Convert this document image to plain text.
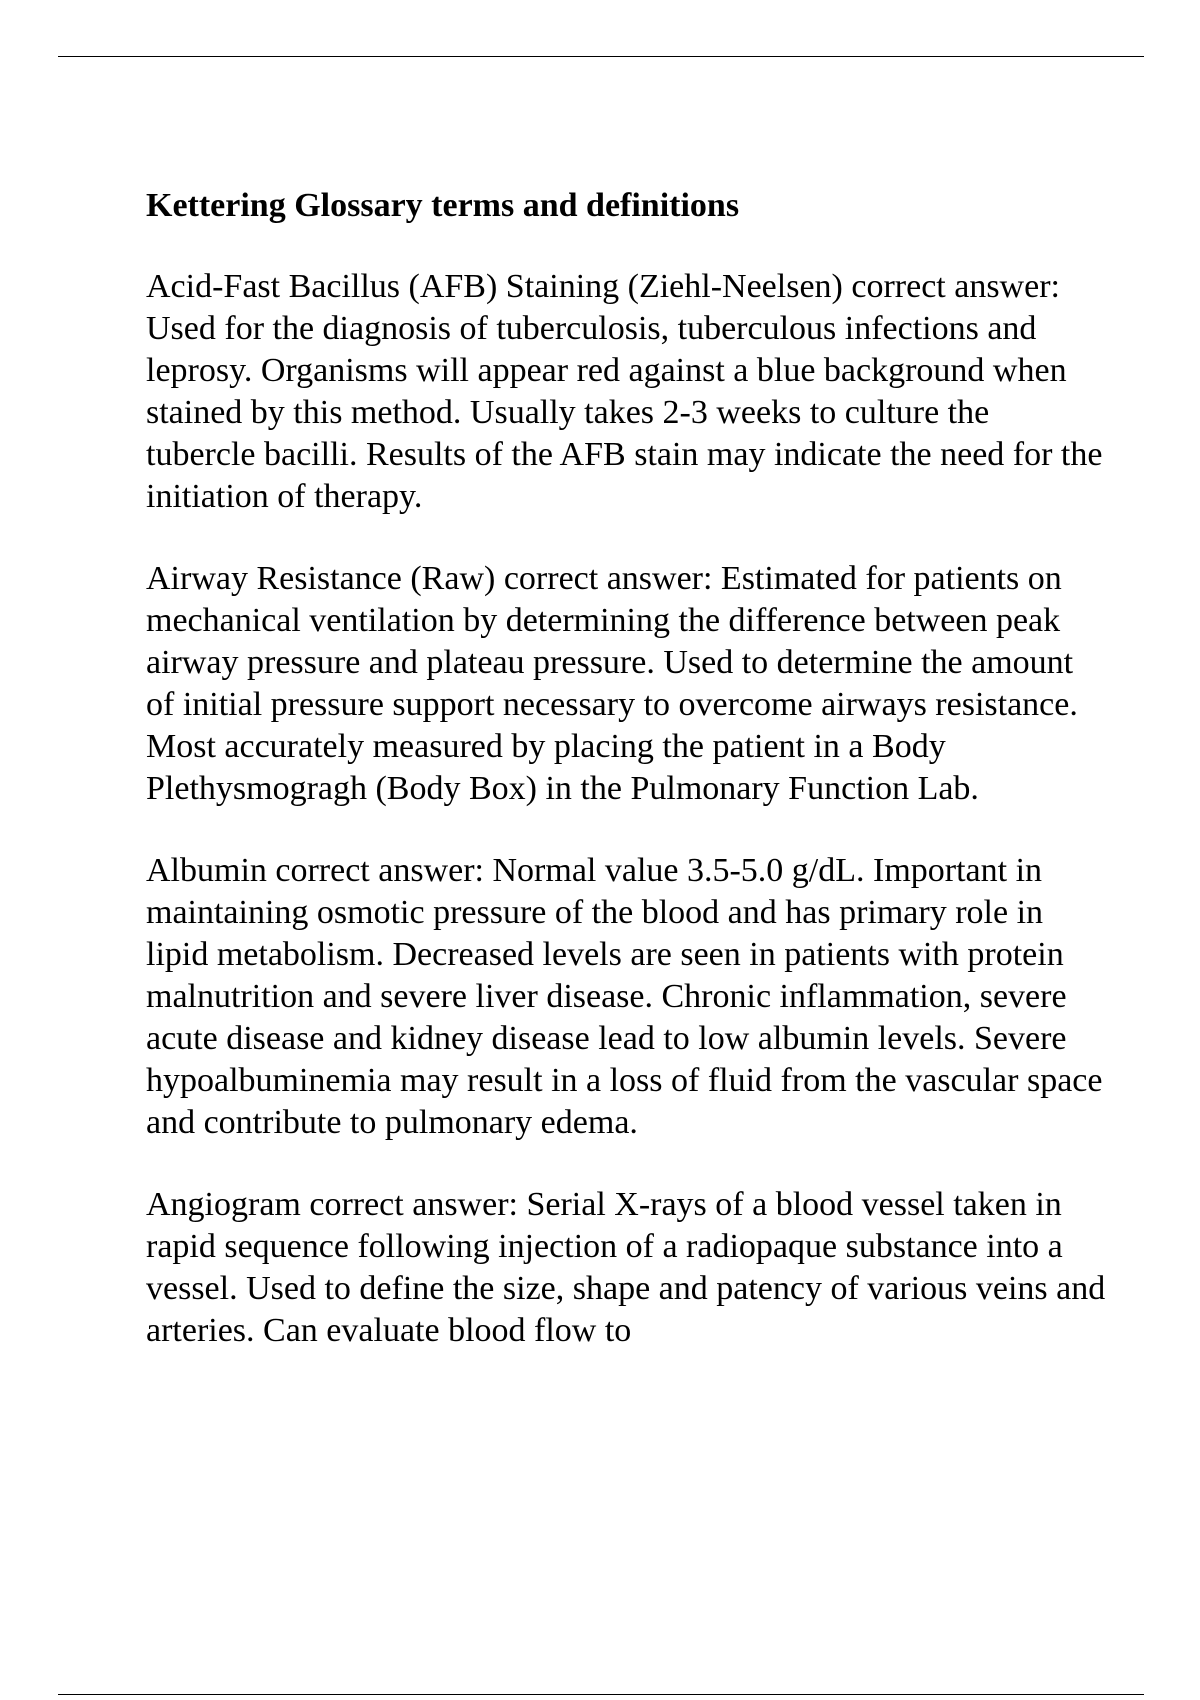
Kettering Glossary terms and definitions
Acid-Fast Bacillus (AFB) Staining (Ziehl-Neelsen) correct answer: Used for the diagnosis of tuberculosis, tuberculous infections and leprosy. Organisms will appear red against a blue background when stained by this method. Usually takes 2-3 weeks to culture the tubercle bacilli. Results of the AFB stain may indicate the need for the initiation of therapy.
Airway Resistance (Raw) correct answer: Estimated for patients on mechanical ventilation by determining the difference between peak airway pressure and plateau pressure. Used to determine the amount of initial pressure support necessary to overcome airways resistance. Most accurately measured by placing the patient in a Body Plethysmogragh (Body Box) in the Pulmonary Function Lab.
Albumin correct answer: Normal value 3.5-5.0 g/dL. Important in maintaining osmotic pressure of the blood and has primary role in lipid metabolism. Decreased levels are seen in patients with protein malnutrition and severe liver disease. Chronic inflammation, severe acute disease and kidney disease lead to low albumin levels. Severe hypoalbuminemia may result in a loss of fluid from the vascular space and contribute to pulmonary edema.
Angiogram correct answer: Serial X-rays of a blood vessel taken in rapid sequence following injection of a radiopaque substance into a vessel. Used to define the size, shape and patency of various veins and arteries. Can evaluate blood flow to
